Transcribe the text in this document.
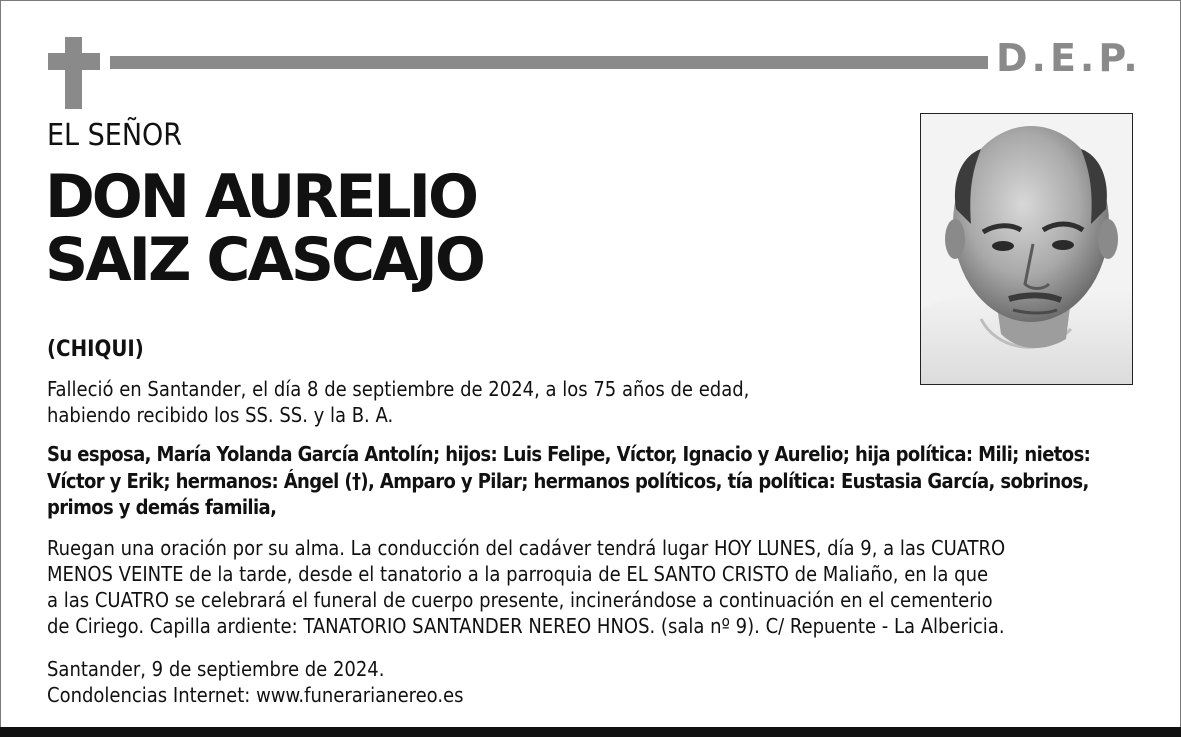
D.E.P.
EL SEÑOR
DON AURELIO
SAIZ CASCAJO
(CHIQUI)
Falleció en Santander, el día 8 de septiembre de 2024, a los 75 años de edad,
habiendo recibido los SS. SS. y la B. A.
Su esposa, María Yolanda García Antolín; hijos: Luis Felipe, Víctor, Ignacio y Aurelio; hija política: Mili; nietos:
Víctor y Erik; hermanos: Ángel (†), Amparo y Pilar; hermanos políticos, tía política: Eustasia García, sobrinos,
primos y demás familia,
Ruegan una oración por su alma. La conducción del cadáver tendrá lugar HOY LUNES, día 9, a las CUATRO
MENOS VEINTE de la tarde, desde el tanatorio a la parroquia de EL SANTO CRISTO de Maliaño, en la que
a las CUATRO se celebrará el funeral de cuerpo presente, incinerándose a continuación en el cementerio
de Ciriego. Capilla ardiente: TANATORIO SANTANDER NEREO HNOS. (sala nº 9). C/ Repuente - La Albericia.
Santander, 9 de septiembre de 2024.
Condolencias Internet: www.funerarianereo.es
